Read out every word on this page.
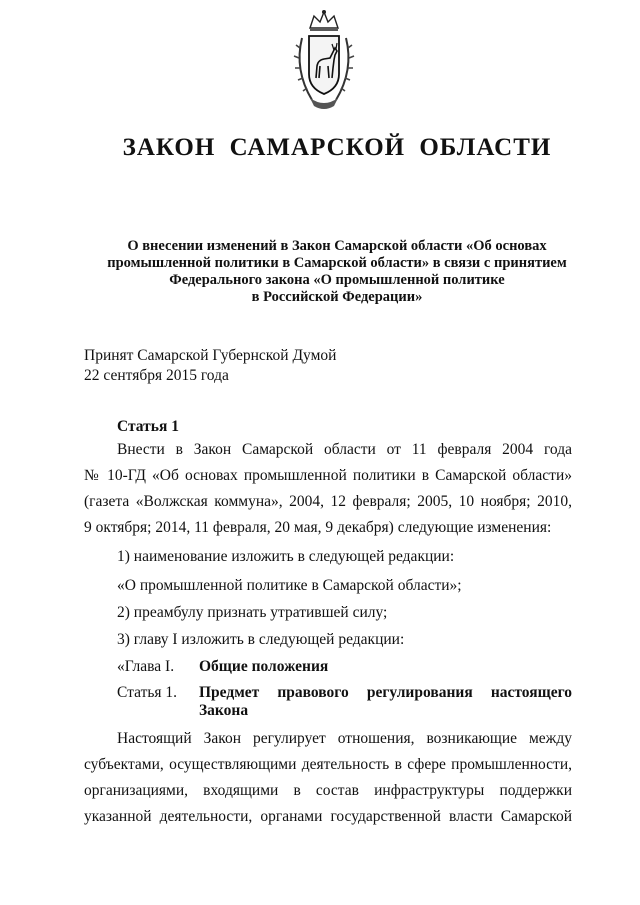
ЗАКОН САМАРСКОЙ ОБЛАСТИ
О внесении изменений в Закон Самарской области «Об основах
промышленной политики в Самарской области» в связи с принятием
Федерального закона «О промышленной политике
в Российской Федерации»
Принят Самарской Губернской Думой
22 сентября 2015 года
Статья 1
Внести в Закон Самарской области от 11 февраля 2004 года
№ 10-ГД «Об основах промышленной политики в Самарской области»
(газета «Волжская коммуна», 2004, 12 февраля; 2005, 10 ноября; 2010,
9 октября; 2014, 11 февраля, 20 мая, 9 декабря) следующие изменения:
1) наименование изложить в следующей редакции:
«О промышленной политике в Самарской области»;
2) преамбулу признать утратившей силу;
3) главу I изложить в следующей редакции:
«Глава I. Общие положения
Статья 1. Предмет правового регулирования настоящего
Закона
Настоящий Закон регулирует отношения, возникающие между
субъектами, осуществляющими деятельность в сфере промышленности,
организациями, входящими в состав инфраструктуры поддержки
указанной деятельности, органами государственной власти Самарской
